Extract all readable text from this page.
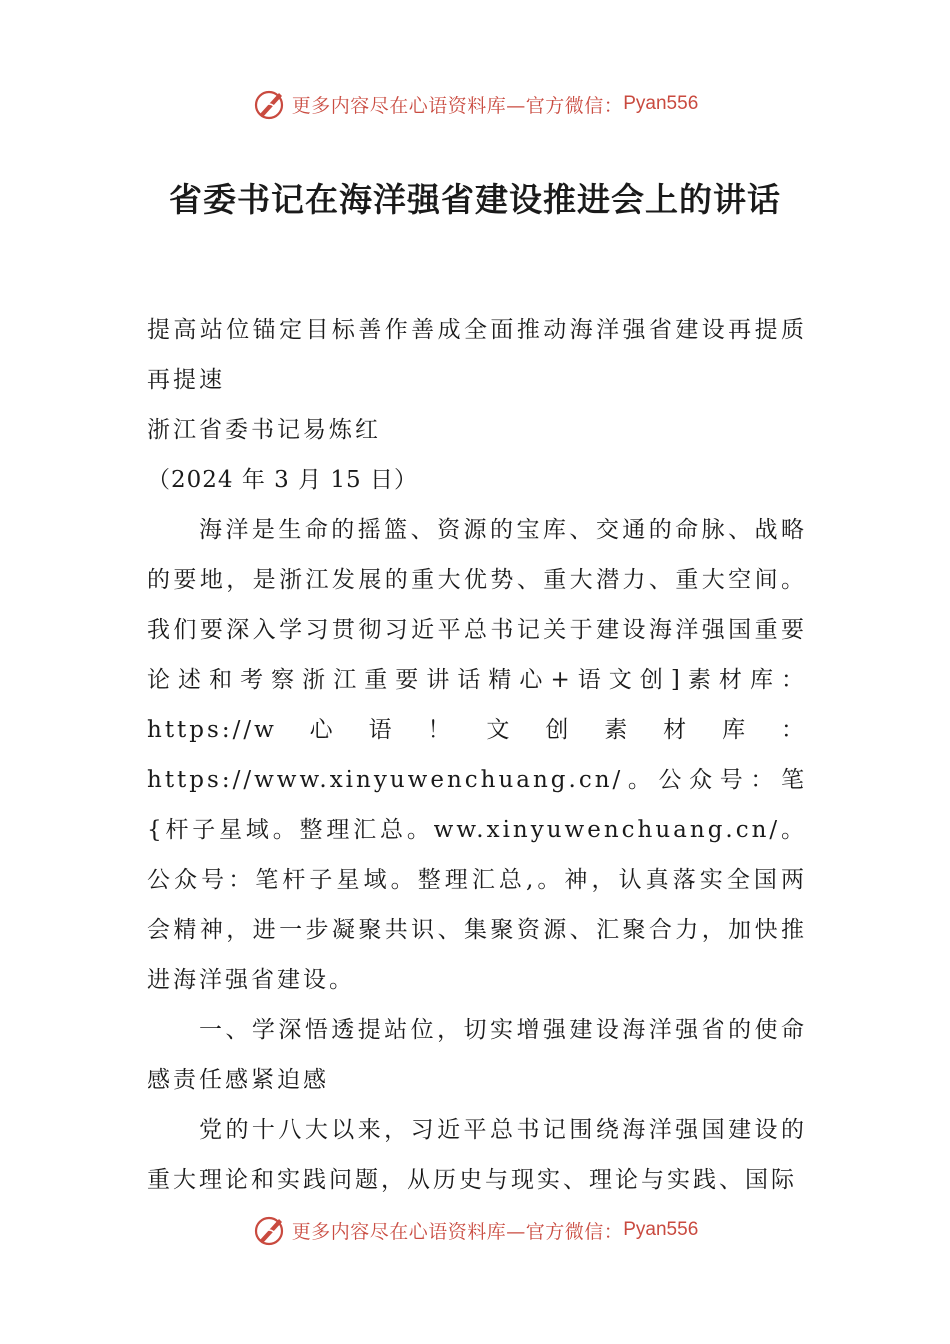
更多内容尽在心语资料库—官方微信： Pyan556
省委书记在海洋强省建设推进会上的讲话

提高站位锚定目标善作善成全面推动海洋强省建设再提质再提速

浙江省委书记易炼红

（2024 年 3 月 15 日）

海洋是生命的摇篮、资源的宝库、交通的命脉、战略的要地，是浙江发展的重大优势、重大潜力、重大空间。我们要深入学习贯彻习近平总书记关于建设海洋强国重要论述和考察浙江重要讲话精心+语文创]素材库：https://w心语！文创素材库：https://www.xinyuwenchuang.cn/。公众号：笔{杆子星域。整理汇总。ww.xinyuwenchuang.cn/。公众号：笔杆子星域。整理汇总,。神，认真落实全国两会精神，进一步凝聚共识、集聚资源、汇聚合力，加快推进海洋强省建设。

一、学深悟透提站位，切实增强建设海洋强省的使命感责任感紧迫感

党的十八大以来，习近平总书记围绕海洋强国建设的重大理论和实践问题，从历史与现实、理论与实践、国际

更多内容尽在心语资料库—官方微信： Pyan556
